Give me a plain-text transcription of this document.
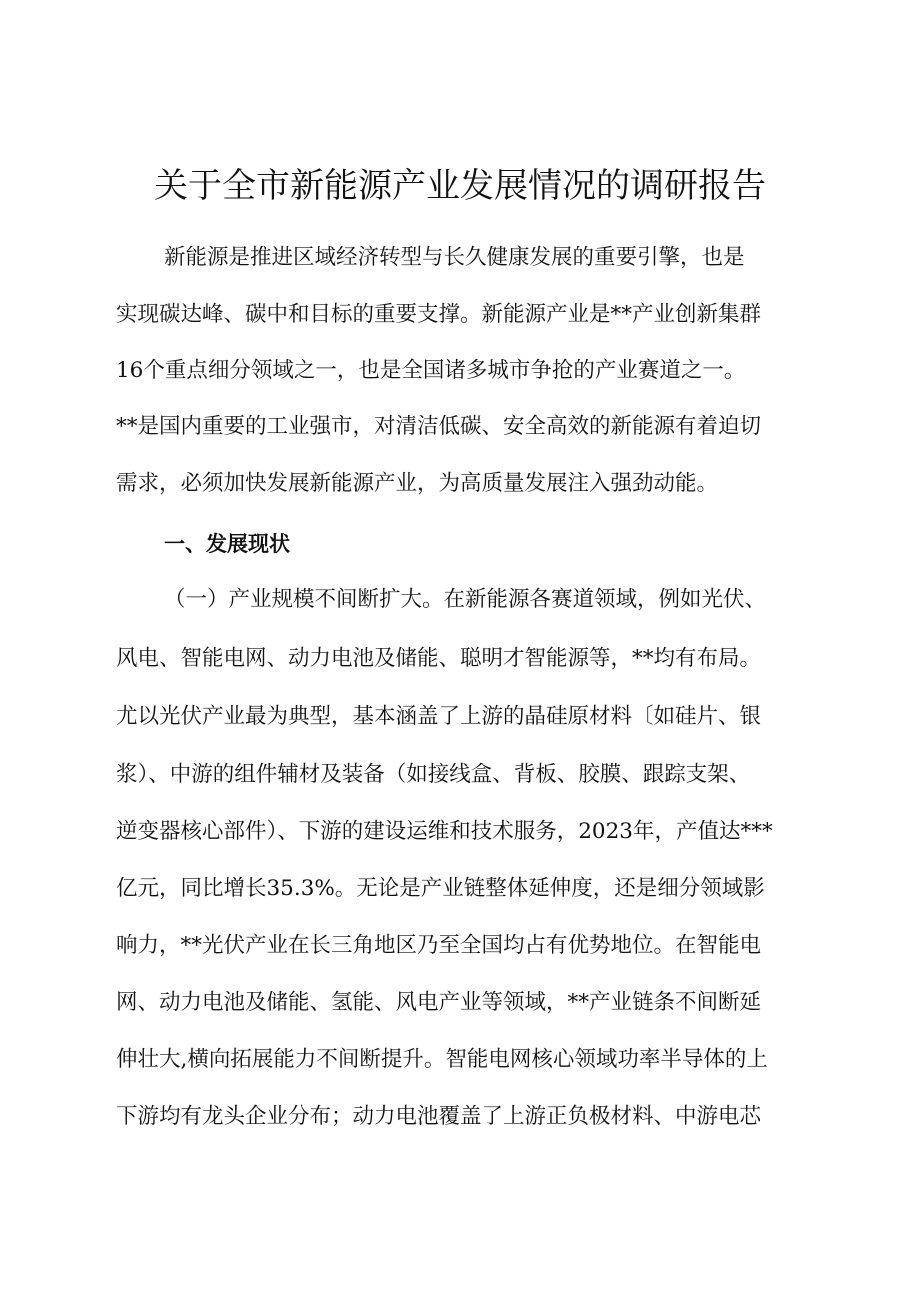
关于全市新能源产业发展情况的调研报告
新能源是推进区域经济转型与长久健康发展的重要引擎，也是
实现碳达峰、碳中和目标的重要支撑。新能源产业是**产业创新集群
16个重点细分领域之一，也是全国诸多城市争抢的产业赛道之一。
**是国内重要的工业强市，对清洁低碳、安全高效的新能源有着迫切
需求，必须加快发展新能源产业，为高质量发展注入强劲动能。
一、发展现状
（一）产业规模不间断扩大。在新能源各赛道领域，例如光伏、
风电、智能电网、动力电池及储能、聪明才智能源等，**均有布局。
尤以光伏产业最为典型，基本涵盖了上游的晶硅原材料〔如硅片、银
浆）、中游的组件辅材及装备（如接线盒、背板、胶膜、跟踪支架、
逆变器核心部件）、下游的建设运维和技术服务，2023年，产值达***
亿元，同比增长35.3%。无论是产业链整体延伸度，还是细分领域影
响力，**光伏产业在长三角地区乃至全国均占有优势地位。在智能电
网、动力电池及储能、氢能、风电产业等领域，**产业链条不间断延
伸壮大,横向拓展能力不间断提升。智能电网核心领域功率半导体的上
下游均有龙头企业分布；动力电池覆盖了上游正负极材料、中游电芯
